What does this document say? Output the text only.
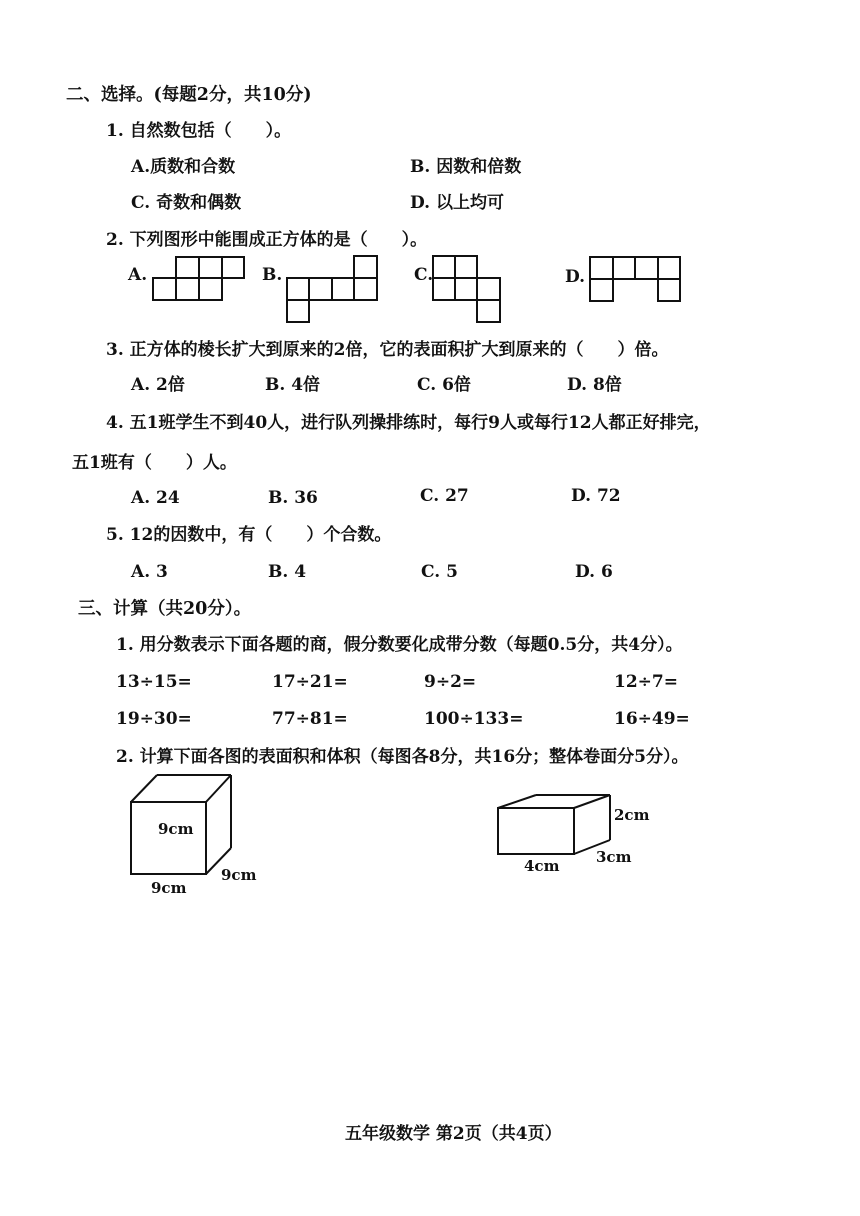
二、选择。(每题2分，共10分)
1. 自然数包括（　　）。
A.质数和合数	B. 因数和倍数
C. 奇数和偶数	D. 以上均可
2. 下列图形中能围成正方体的是（　　）。
A.	B.	C.	D.
3. 正方体的棱长扩大到原来的2倍，它的表面积扩大到原来的（　　）倍。
A. 2倍	B. 4倍	C. 6倍	D. 8倍
4. 五1班学生不到40人，进行队列操排练时，每行9人或每行12人都正好排完，
五1班有（　　）人。
A. 24	B. 36	C. 27	D. 72
5. 12的因数中，有（　　）个合数。
A. 3	B. 4	C. 5	D. 6
三、计算（共20分）。
1. 用分数表示下面各题的商，假分数要化成带分数（每题0.5分，共4分）。
13÷15=	17÷21=	9÷2=	12÷7=
19÷30=	77÷81=	100÷133=	16÷49=
2. 计算下面各图的表面积和体积（每图各8分，共16分；整体卷面分5分）。
9cm
9cm
9cm
2cm
3cm
4cm
五年级数学 第2页（共4页）
